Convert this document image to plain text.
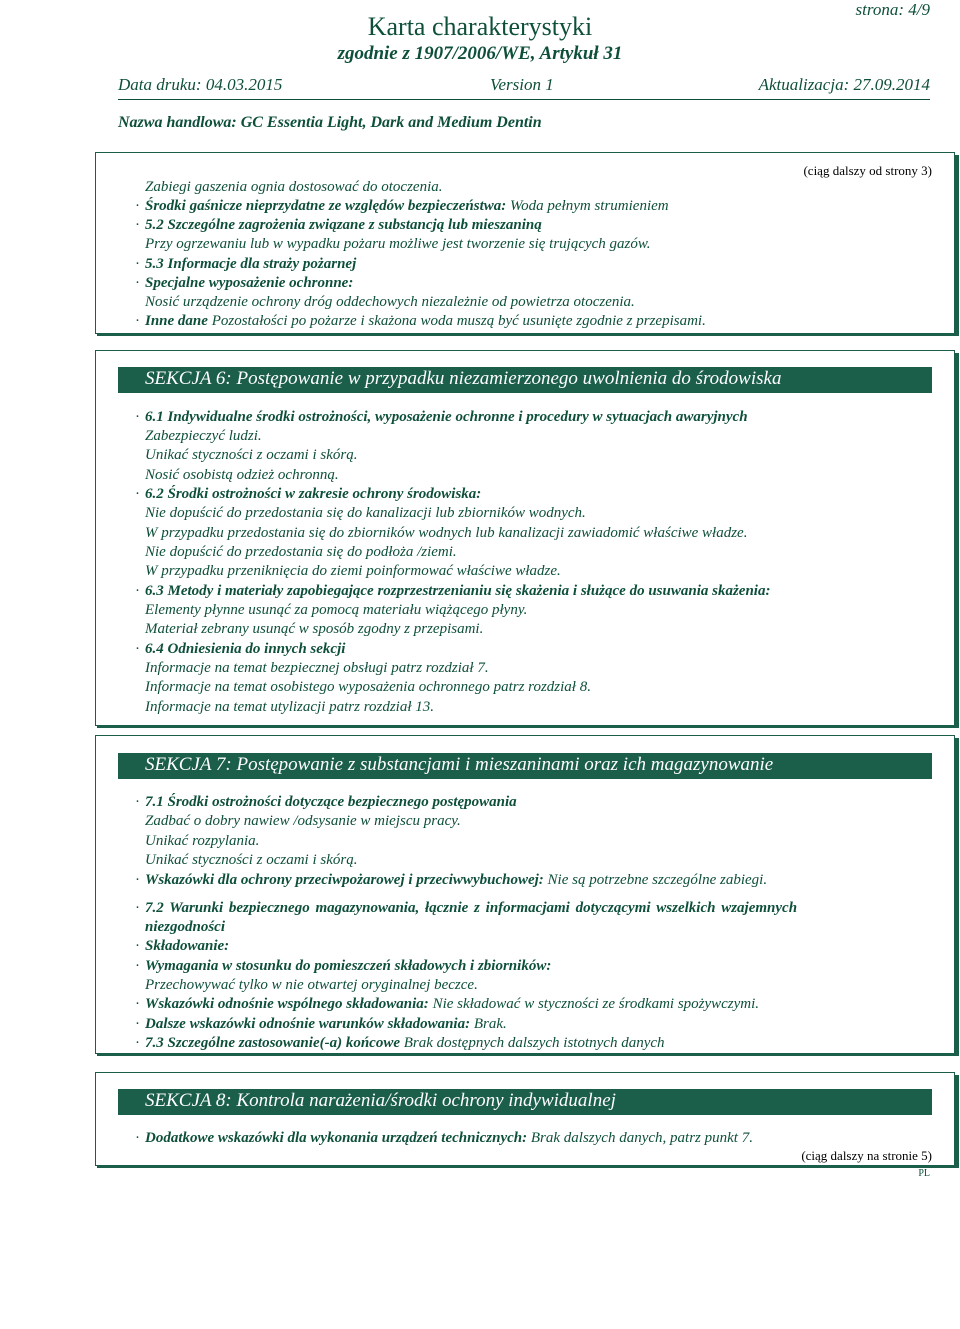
strona: 4/9
Karta charakterystyki
zgodnie z 1907/2006/WE, Artykuł 31
Data druku: 04.03.2015	Version 1	Aktualizacja: 27.09.2014
Nazwa handlowa: GC Essentia Light, Dark and Medium Dentin
(ciąg dalszy od strony 3)
Zabiegi gaszenia ognia dostosować do otoczenia.
· Środki gaśnicze nieprzydatne ze względów bezpieczeństwa: Woda pełnym strumieniem
· 5.2 Szczególne zagrożenia związane z substancją lub mieszaniną
Przy ogrzewaniu lub w wypadku pożaru możliwe jest tworzenie się trujących gazów.
· 5.3 Informacje dla straży pożarnej
· Specjalne wyposażenie ochronne:
Nosić urządzenie ochrony dróg oddechowych niezależnie od powietrza otoczenia.
· Inne dane Pozostałości po pożarze i skażona woda muszą być usunięte zgodnie z przepisami.
SEKCJA 6: Postępowanie w przypadku niezamierzonego uwolnienia do środowiska
· 6.1 Indywidualne środki ostrożności, wyposażenie ochronne i procedury w sytuacjach awaryjnych
Zabezpieczyć ludzi.
Unikać styczności z oczami i skórą.
Nosić osobistą odzież ochronną.
· 6.2 Środki ostrożności w zakresie ochrony środowiska:
Nie dopuścić do przedostania się do kanalizacji lub zbiorników wodnych.
W przypadku przedostania się do zbiorników wodnych lub kanalizacji zawiadomić właściwe władze.
Nie dopuścić do przedostania się do podłoża /ziemi.
W przypadku przeniknięcia do ziemi poinformować właściwe władze.
· 6.3 Metody i materiały zapobiegające rozprzestrzenianiu się skażenia i służące do usuwania skażenia:
Elementy płynne usunąć za pomocą materiału wiążącego płyny.
Materiał zebrany usunąć w sposób zgodny z przepisami.
· 6.4 Odniesienia do innych sekcji
Informacje na temat bezpiecznej obsługi patrz rozdział 7.
Informacje na temat osobistego wyposażenia ochronnego patrz rozdział 8.
Informacje na temat utylizacji patrz rozdział 13.
SEKCJA 7: Postępowanie z substancjami i mieszaninami oraz ich magazynowanie
· 7.1 Środki ostrożności dotyczące bezpiecznego postępowania
Zadbać o dobry nawiew /odsysanie w miejscu pracy.
Unikać rozpylania.
Unikać styczności z oczami i skórą.
· Wskazówki dla ochrony przeciwpożarowej i przeciwwybuchowej: Nie są potrzebne szczególne zabiegi.
· 7.2 Warunki bezpiecznego magazynowania, łącznie z informacjami dotyczącymi wszelkich wzajemnych
niezgodności
· Składowanie:
· Wymagania w stosunku do pomieszczeń składowych i zbiorników:
Przechowywać tylko w nie otwartej oryginalnej beczce.
· Wskazówki odnośnie wspólnego składowania: Nie składować w styczności ze środkami spożywczymi.
· Dalsze wskazówki odnośnie warunków składowania: Brak.
· 7.3 Szczególne zastosowanie(-a) końcowe Brak dostępnych dalszych istotnych danych
(ciąg dalszy na stronie 5)
SEKCJA 8: Kontrola narażenia/środki ochrony indywidualnej
· Dodatkowe wskazówki dla wykonania urządzeń technicznych: Brak dalszych danych, patrz punkt 7.
PL
